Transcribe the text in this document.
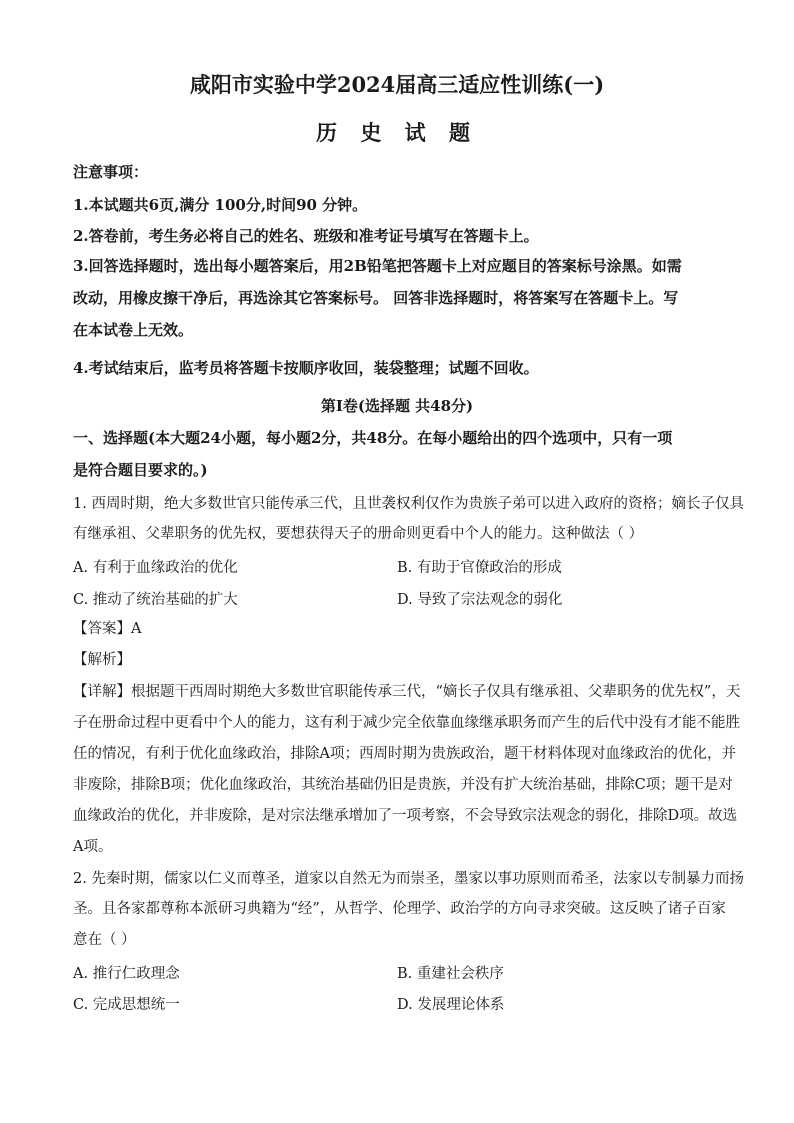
咸阳市实验中学2024届高三适应性训练(一)
历 史 试 题
注意事项：
1.本试题共6页,满分 100分,时间90 分钟。
2.答卷前，考生务必将自己的姓名、班级和准考证号填写在答题卡上。
3.回答选择题时，选出每小题答案后，用2B铅笔把答题卡上对应题目的答案标号涂黑。如需
改动，用橡皮擦干净后，再选涂其它答案标号。 回答非选择题时，将答案写在答题卡上。写
在本试卷上无效。
4.考试结束后，监考员将答题卡按顺序收回，装袋整理；试题不回收。
第Ⅰ卷(选择题 共48分)
一、选择题(本大题24小题，每小题2分，共48分。在每小题给出的四个选项中，只有一项
是符合题目要求的。)
1. 西周时期，绝大多数世官只能传承三代，且世袭权利仅作为贵族子弟可以进入政府的资格；嫡长子仅具
有继承祖、父辈职务的优先权，要想获得天子的册命则更看中个人的能力。这种做法（ ）
A. 有利于血缘政治的优化	B. 有助于官僚政治的形成
C. 推动了统治基础的扩大	D. 导致了宗法观念的弱化
【答案】A
【解析】
【详解】根据题干西周时期绝大多数世官职能传承三代，“嫡长子仅具有继承祖、父辈职务的优先权”，天
子在册命过程中更看中个人的能力，这有利于减少完全依靠血缘继承职务而产生的后代中没有才能不能胜
任的情况，有利于优化血缘政治，排除A项；西周时期为贵族政治，题干材料体现对血缘政治的优化，并
非废除，排除B项；优化血缘政治，其统治基础仍旧是贵族，并没有扩大统治基础，排除C项；题干是对
血缘政治的优化，并非废除，是对宗法继承增加了一项考察，不会导致宗法观念的弱化，排除D项。故选
A项。
2. 先秦时期，儒家以仁义而尊圣，道家以自然无为而崇圣，墨家以事功原则而希圣，法家以专制暴力而扬
圣。且各家都尊称本派研习典籍为“经”，从哲学、伦理学、政治学的方向寻求突破。这反映了诸子百家
意在（ ）
A. 推行仁政理念	B. 重建社会秩序
C. 完成思想统一	D. 发展理论体系
